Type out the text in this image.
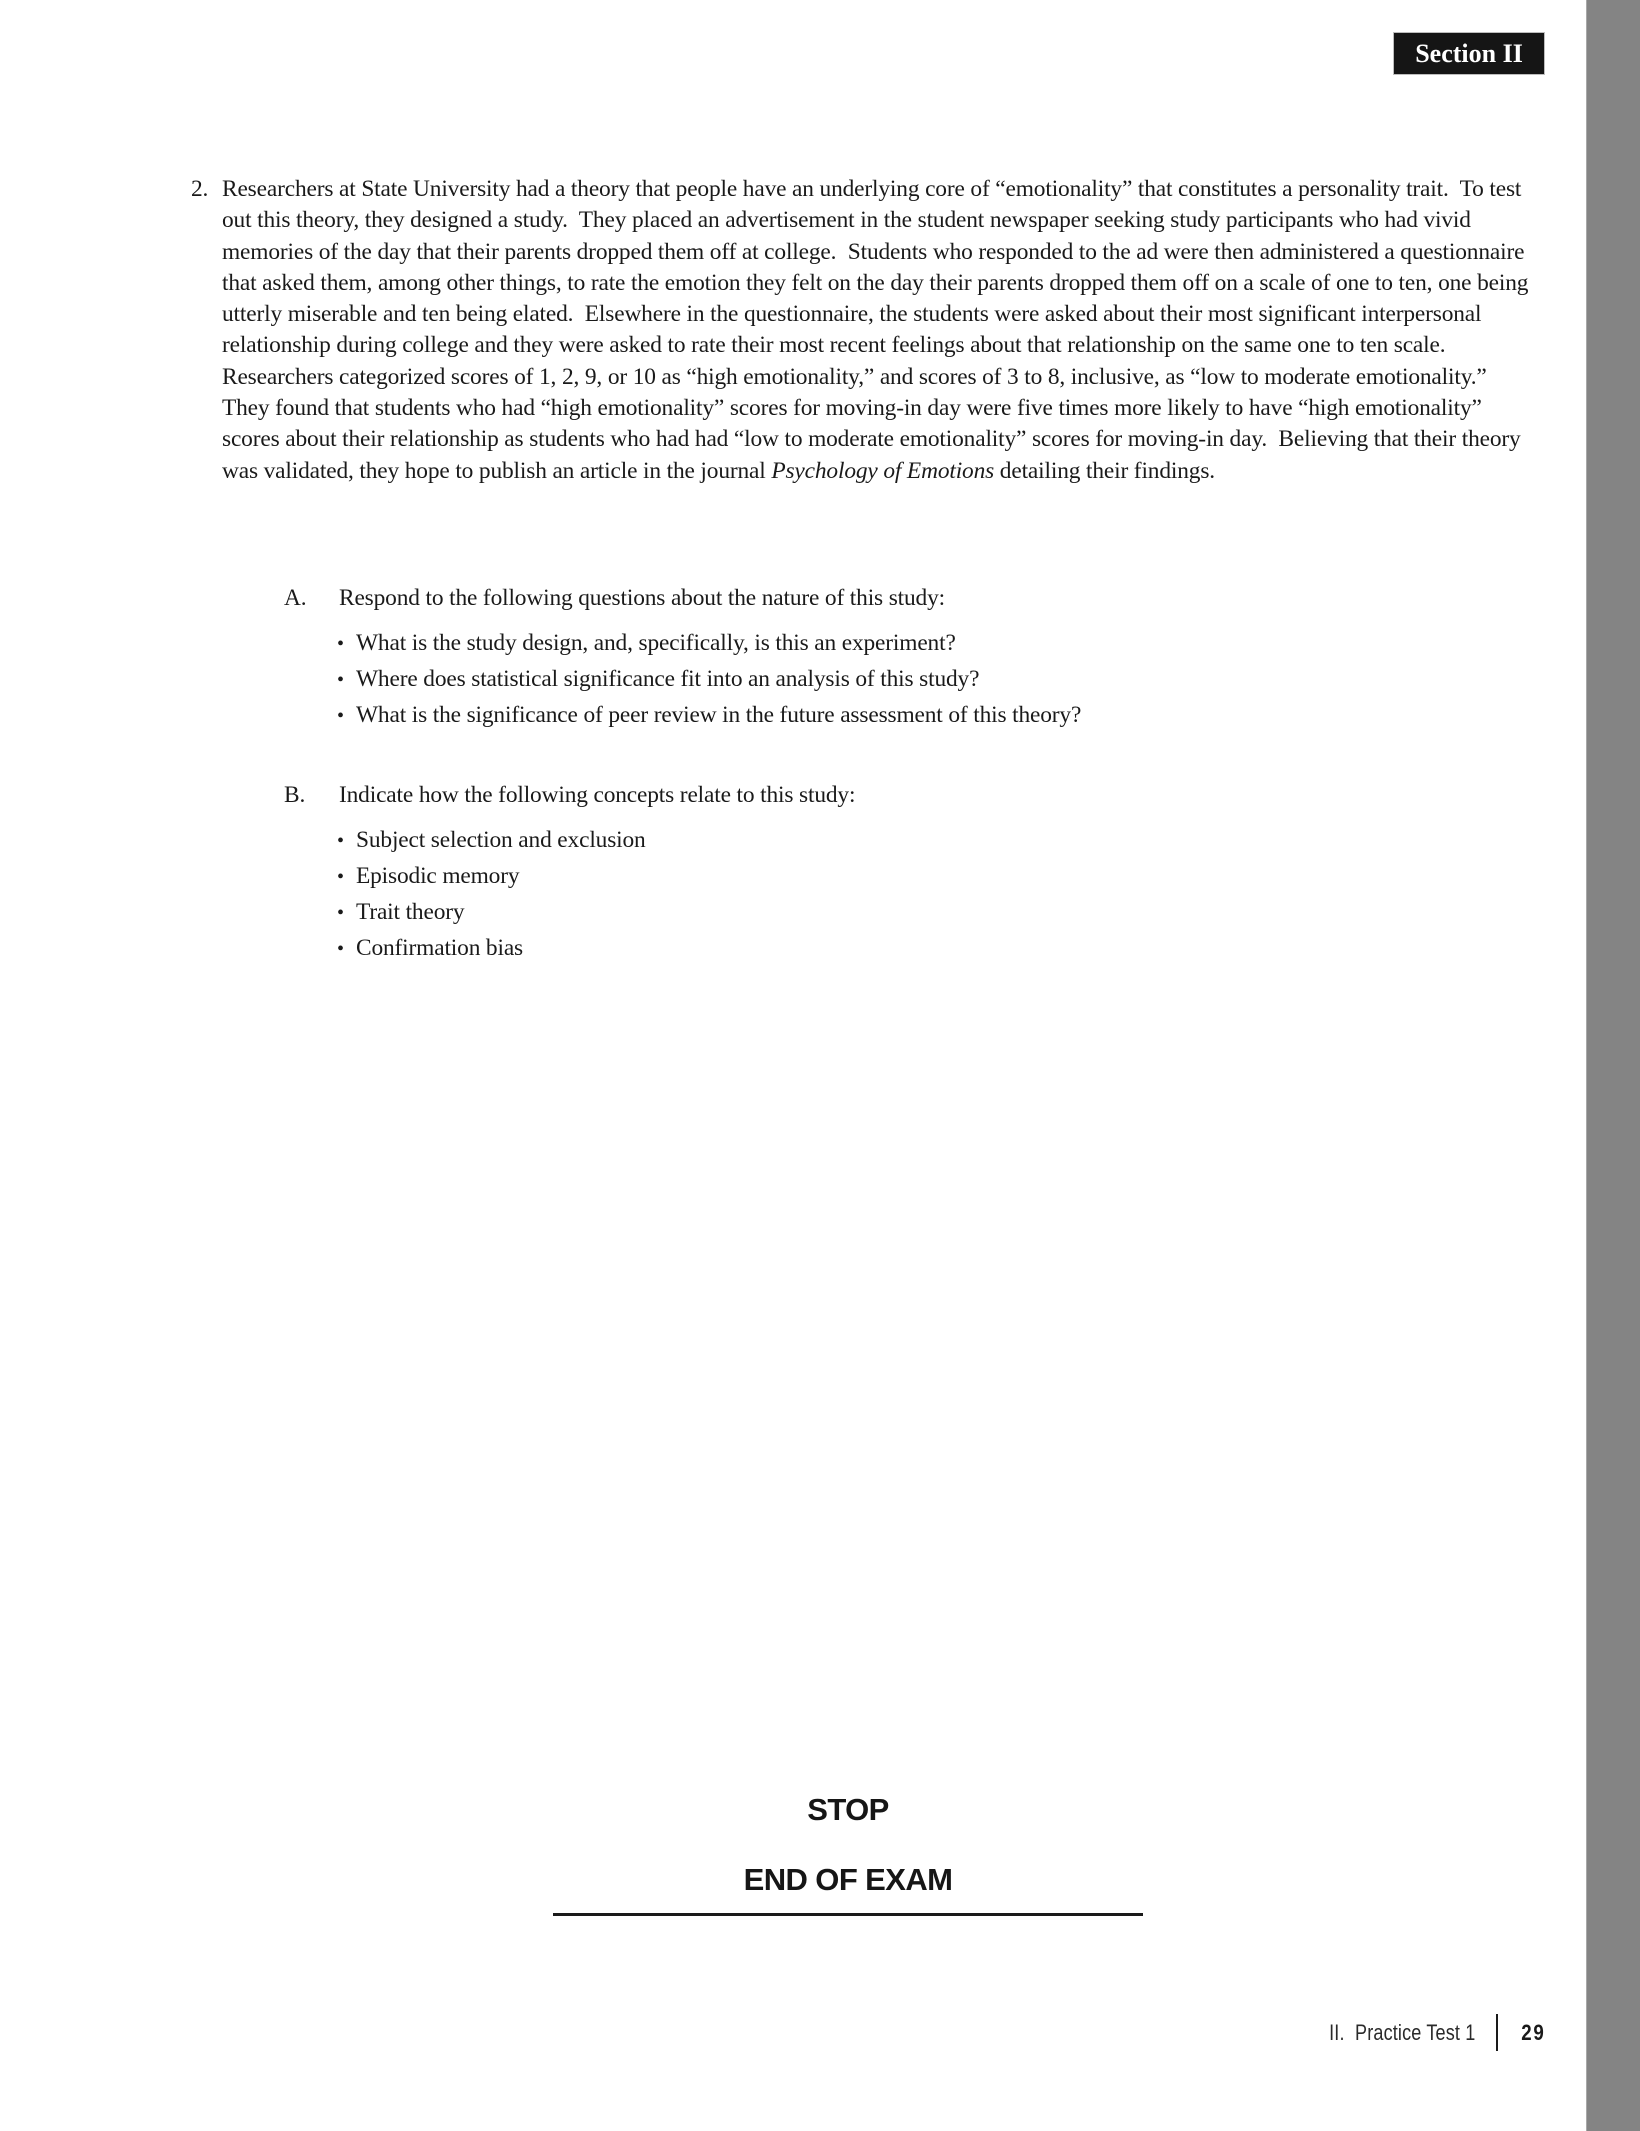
Section II
2. Researchers at State University had a theory that people have an underlying core of “emotionality” that constitutes a personality trait.  To test out this theory, they designed a study.  They placed an advertisement in the student newspaper seeking study participants who had vivid memories of the day that their parents dropped them off at college.  Students who responded to the ad were then administered a questionnaire that asked them, among other things, to rate the emotion they felt on the day their parents dropped them off on a scale of one to ten, one being utterly miserable and ten being elated.  Elsewhere in the questionnaire, the students were asked about their most significant interpersonal relationship during college and they were asked to rate their most recent feelings about that relationship on the same one to ten scale.  Researchers categorized scores of 1, 2, 9, or 10 as “high emotionality,” and scores of 3 to 8, inclusive, as “low to moderate emotionality.”  They found that students who had “high emotionality” scores for moving-in day were five times more likely to have “high emotionality” scores about their relationship as students who had had “low to moderate emotionality” scores for moving-in day.  Believing that their theory was validated, they hope to publish an article in the journal Psychology of Emotions detailing their findings.
A. Respond to the following questions about the nature of this study:
• What is the study design, and, specifically, is this an experiment?
• Where does statistical significance fit into an analysis of this study?
• What is the significance of peer review in the future assessment of this theory?
B. Indicate how the following concepts relate to this study:
• Subject selection and exclusion
• Episodic memory
• Trait theory
• Confirmation bias
STOP
END OF EXAM
II.  Practice Test 1 29
